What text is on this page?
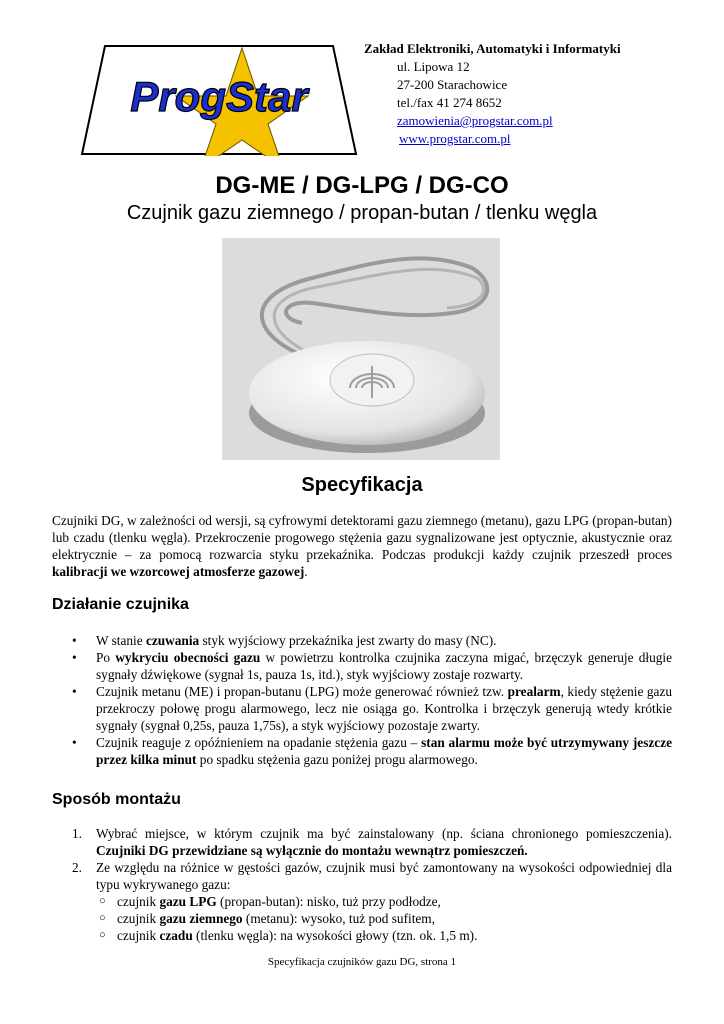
ProgStar
Zakład Elektroniki, Automatyki i Informatyki
ul. Lipowa 12
27-200 Starachowice
tel./fax 41 274 8652
zamowienia@progstar.com.pl
www.progstar.com.pl
DG-ME / DG-LPG / DG-CO
Czujnik gazu ziemnego / propan-butan / tlenku węgla
Specyfikacja
Czujniki DG, w zależności od wersji, są cyfrowymi detektorami gazu ziemnego (metanu), gazu LPG (propan-butan) lub czadu (tlenku węgla). Przekroczenie progowego stężenia gazu sygnalizowane jest optycznie, akustycznie oraz elektrycznie – za pomocą rozwarcia styku przekaźnika. Podczas produkcji każdy czujnik przeszedł proces kalibracji we wzorcowej atmosferze gazowej.
Działanie czujnika
• W stanie czuwania styk wyjściowy przekaźnika jest zwarty do masy (NC).
• Po wykryciu obecności gazu w powietrzu kontrolka czujnika zaczyna migać, brzęczyk generuje długie sygnały dźwiękowe (sygnał 1s, pauza 1s, itd.), styk wyjściowy zostaje rozwarty.
• Czujnik metanu (ME) i propan-butanu (LPG) może generować również tzw. prealarm, kiedy stężenie gazu przekroczy połowę progu alarmowego, lecz nie osiąga go. Kontrolka i brzęczyk generują wtedy krótkie sygnały (sygnał 0,25s, pauza 1,75s), a styk wyjściowy pozostaje zwarty.
• Czujnik reaguje z opóźnieniem na opadanie stężenia gazu – stan alarmu może być utrzymywany jeszcze przez kilka minut po spadku stężenia gazu poniżej progu alarmowego.
Sposób montażu
1. Wybrać miejsce, w którym czujnik ma być zainstalowany (np. ściana chronionego pomieszczenia). Czujniki DG przewidziane są wyłącznie do montażu wewnątrz pomieszczeń.
2. Ze względu na różnice w gęstości gazów, czujnik musi być zamontowany na wysokości odpowiedniej dla typu wykrywanego gazu:
○ czujnik gazu LPG (propan-butan): nisko, tuż przy podłodze,
○ czujnik gazu ziemnego (metanu): wysoko, tuż pod sufitem,
○ czujnik czadu (tlenku węgla): na wysokości głowy (tzn. ok. 1,5 m).
Specyfikacja czujników gazu DG, strona 1
